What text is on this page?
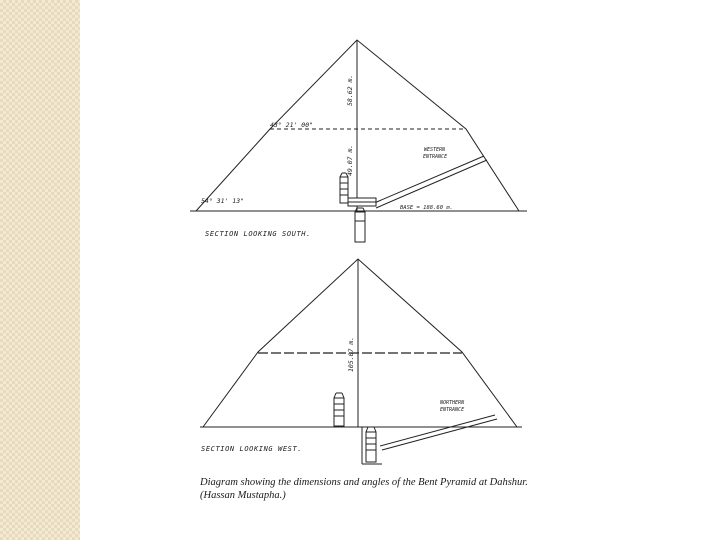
58.62 m.
49.07 m.
43° 21' 00"
54° 31' 13"
WESTERN
ENTRANCE
BASE = 188.60 m.
SECTION LOOKING SOUTH.
105.07 m.
NORTHERN
ENTRANCE
SECTION LOOKING WEST.
Diagram showing the dimensions and angles of the Bent Pyramid at Dahshur.
(Hassan Mustapha.)
